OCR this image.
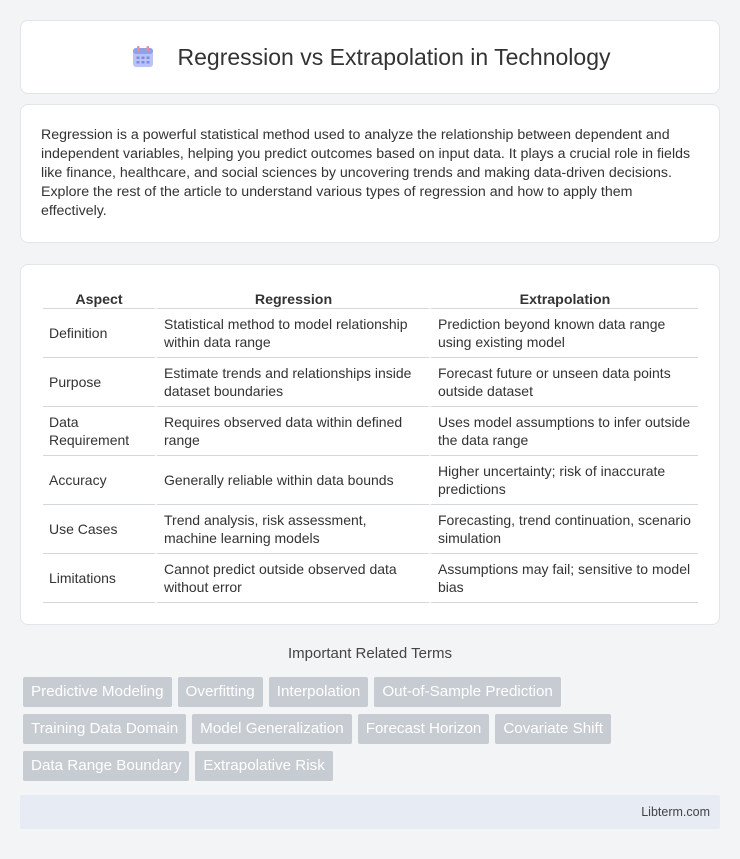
Regression vs Extrapolation in Technology

Regression is a powerful statistical method used to analyze the relationship between dependent and independent variables, helping you predict outcomes based on input data. It plays a crucial role in fields like finance, healthcare, and social sciences by uncovering trends and making data-driven decisions. Explore the rest of the article to understand various types of regression and how to apply them effectively.

Aspect	Regression	Extrapolation
Definition	Statistical method to model relationship within data range	Prediction beyond known data range using existing model
Purpose	Estimate trends and relationships inside dataset boundaries	Forecast future or unseen data points outside dataset
Data Requirement	Requires observed data within defined range	Uses model assumptions to infer outside the data range
Accuracy	Generally reliable within data bounds	Higher uncertainty; risk of inaccurate predictions
Use Cases	Trend analysis, risk assessment, machine learning models	Forecasting, trend continuation, scenario simulation
Limitations	Cannot predict outside observed data without error	Assumptions may fail; sensitive to model bias
Important Related Terms
Predictive Modeling	Overfitting	Interpolation	Out-of-Sample Prediction
Training Data Domain	Model Generalization	Forecast Horizon	Covariate Shift
Data Range Boundary	Extrapolative Risk
Libterm.com
